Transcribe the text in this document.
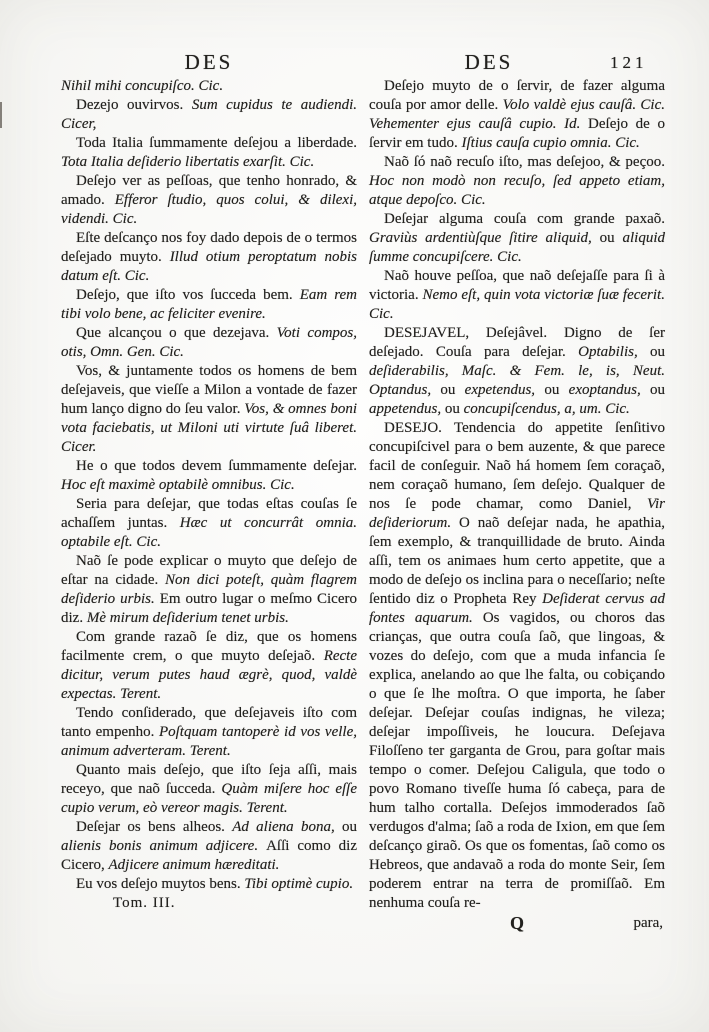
DES	DES	121

Nihil mihi concupiſco. Cic.

Dezejo ouvirvos. Sum cupidus te audiendi. Cicer,

Toda Italia ſummamente deſejou a liberdade. Tota Italia deſiderio libertatis exarſit. Cic.

Deſejo ver as peſſoas, que tenho honrado, & amado. Efferor ſtudio, quos colui, & dilexi, videndi. Cic.

Eſte deſcanço nos foy dado depois de o termos deſejado muyto. Illud otium peroptatum nobis datum eſt. Cic.

Deſejo, que iſto vos ſucceda bem. Eam rem tibi volo bene, ac feliciter evenire.

Que alcançou o que dezejava. Voti compos, otis, Omn. Gen. Cic.

Vos, & juntamente todos os homens de bem deſejaveis, que vieſſe a Milon a vontade de fazer hum lanço digno do ſeu valor. Vos, & omnes boni vota faciebatis, ut Miloni uti virtute ſuâ liberet. Cicer.

He o que todos devem ſummamente deſejar. Hoc eſt maximè optabilè omnibus. Cic.

Seria para deſejar, que todas eſtas couſas ſe achaſſem juntas. Hæc ut concurrât omnia. optabile eſt. Cic.

Naõ ſe pode explicar o muyto que deſejo de eſtar na cidade. Non dici poteſt, quàm flagrem deſiderio urbis. Em outro lugar o meſmo Cicero diz. Mè mirum deſiderium tenet urbis.

Com grande razaõ ſe diz, que os homens facilmente crem, o que muyto deſejaõ. Recte dicitur, verum putes haud ægrè, quod, valdè expectas. Terent.

Tendo conſiderado, que deſejaveis iſto com tanto empenho. Poſtquam tantoperè id vos velle, animum adverteram. Terent.

Quanto mais deſejo, que iſto ſeja aſſi, mais receyo, que naõ ſucceda. Quàm miſere hoc eſſe cupio verum, eò vereor magis. Terent.

Deſejar os bens alheos. Ad aliena bona, ou alienis bonis animum adjicere. Aſſi como diz Cicero, Adjicere animum hæreditati.

Eu vos deſejo muytos bens. Tibi optimè cupio.

Tom. III.

Deſejo muyto de o ſervir, de fazer alguma couſa por amor delle. Volo valdè ejus cauſâ. Cic. Vehementer ejus cauſâ cupio. Id. Deſejo de o ſervir em tudo. Iſtius cauſa cupio omnia. Cic.

Naõ ſó naõ recuſo iſto, mas deſejoo, & peçoo. Hoc non modò non recuſo, ſed appeto etiam, atque depoſco. Cic.

Deſejar alguma couſa com grande paxaõ. Graviùs ardentiùſque ſitire aliquid, ou aliquid ſumme concupiſcere. Cic.

Naõ houve peſſoa, que naõ deſejaſſe para ſi à victoria. Nemo eſt, quin vota victoriæ ſuæ fecerit. Cic.

DESEJAVEL, Deſejâvel. Digno de ſer deſejado. Couſa para deſejar. Optabilis, ou deſiderabilis, Maſc. & Fem. le, is, Neut. Optandus, ou expetendus, ou exoptandus, ou appetendus, ou concupiſcendus, a, um. Cic.

DESEJO. Tendencia do appetite ſenſitivo concupiſcivel para o bem auzente, & que parece facil de conſeguir. Naõ há homem ſem coraçaõ, nem coraçaõ humano, ſem deſejo. Qualquer de nos ſe pode chamar, como Daniel, Vir deſideriorum. O naõ deſejar nada, he apathia, ſem exemplo, & tranquillidade de bruto. Ainda aſſi, tem os animaes hum certo appetite, que a modo de deſejo os inclina para o neceſſario; neſte ſentido diz o Propheta Rey Deſiderat cervus ad fontes aquarum. Os vagidos, ou choros das crianças, que outra couſa ſaõ, que lingoas, & vozes do deſejo, com que a muda infancia ſe explica, anelando ao que lhe falta, ou cobiçando o que ſe lhe moſtra. O que importa, he ſaber deſejar. Deſejar couſas indignas, he vileza; deſejar impoſſiveis, he loucura. Deſejava Filoſſeno ter garganta de Grou, para goſtar mais tempo o comer. Deſejou Caligula, que todo o povo Romano tiveſſe huma ſó cabeça, para de hum talho cortalla. Deſejos immoderados ſaõ verdugos d'alma; ſaõ a roda de Ixion, em que ſem deſcanço giraõ. Os que os fomentas, ſaõ como os Hebreos, que andavaõ a roda do monte Seir, ſem poderem entrar na terra de promiſſaõ. Em nenhuma couſa re-

Q	para,
